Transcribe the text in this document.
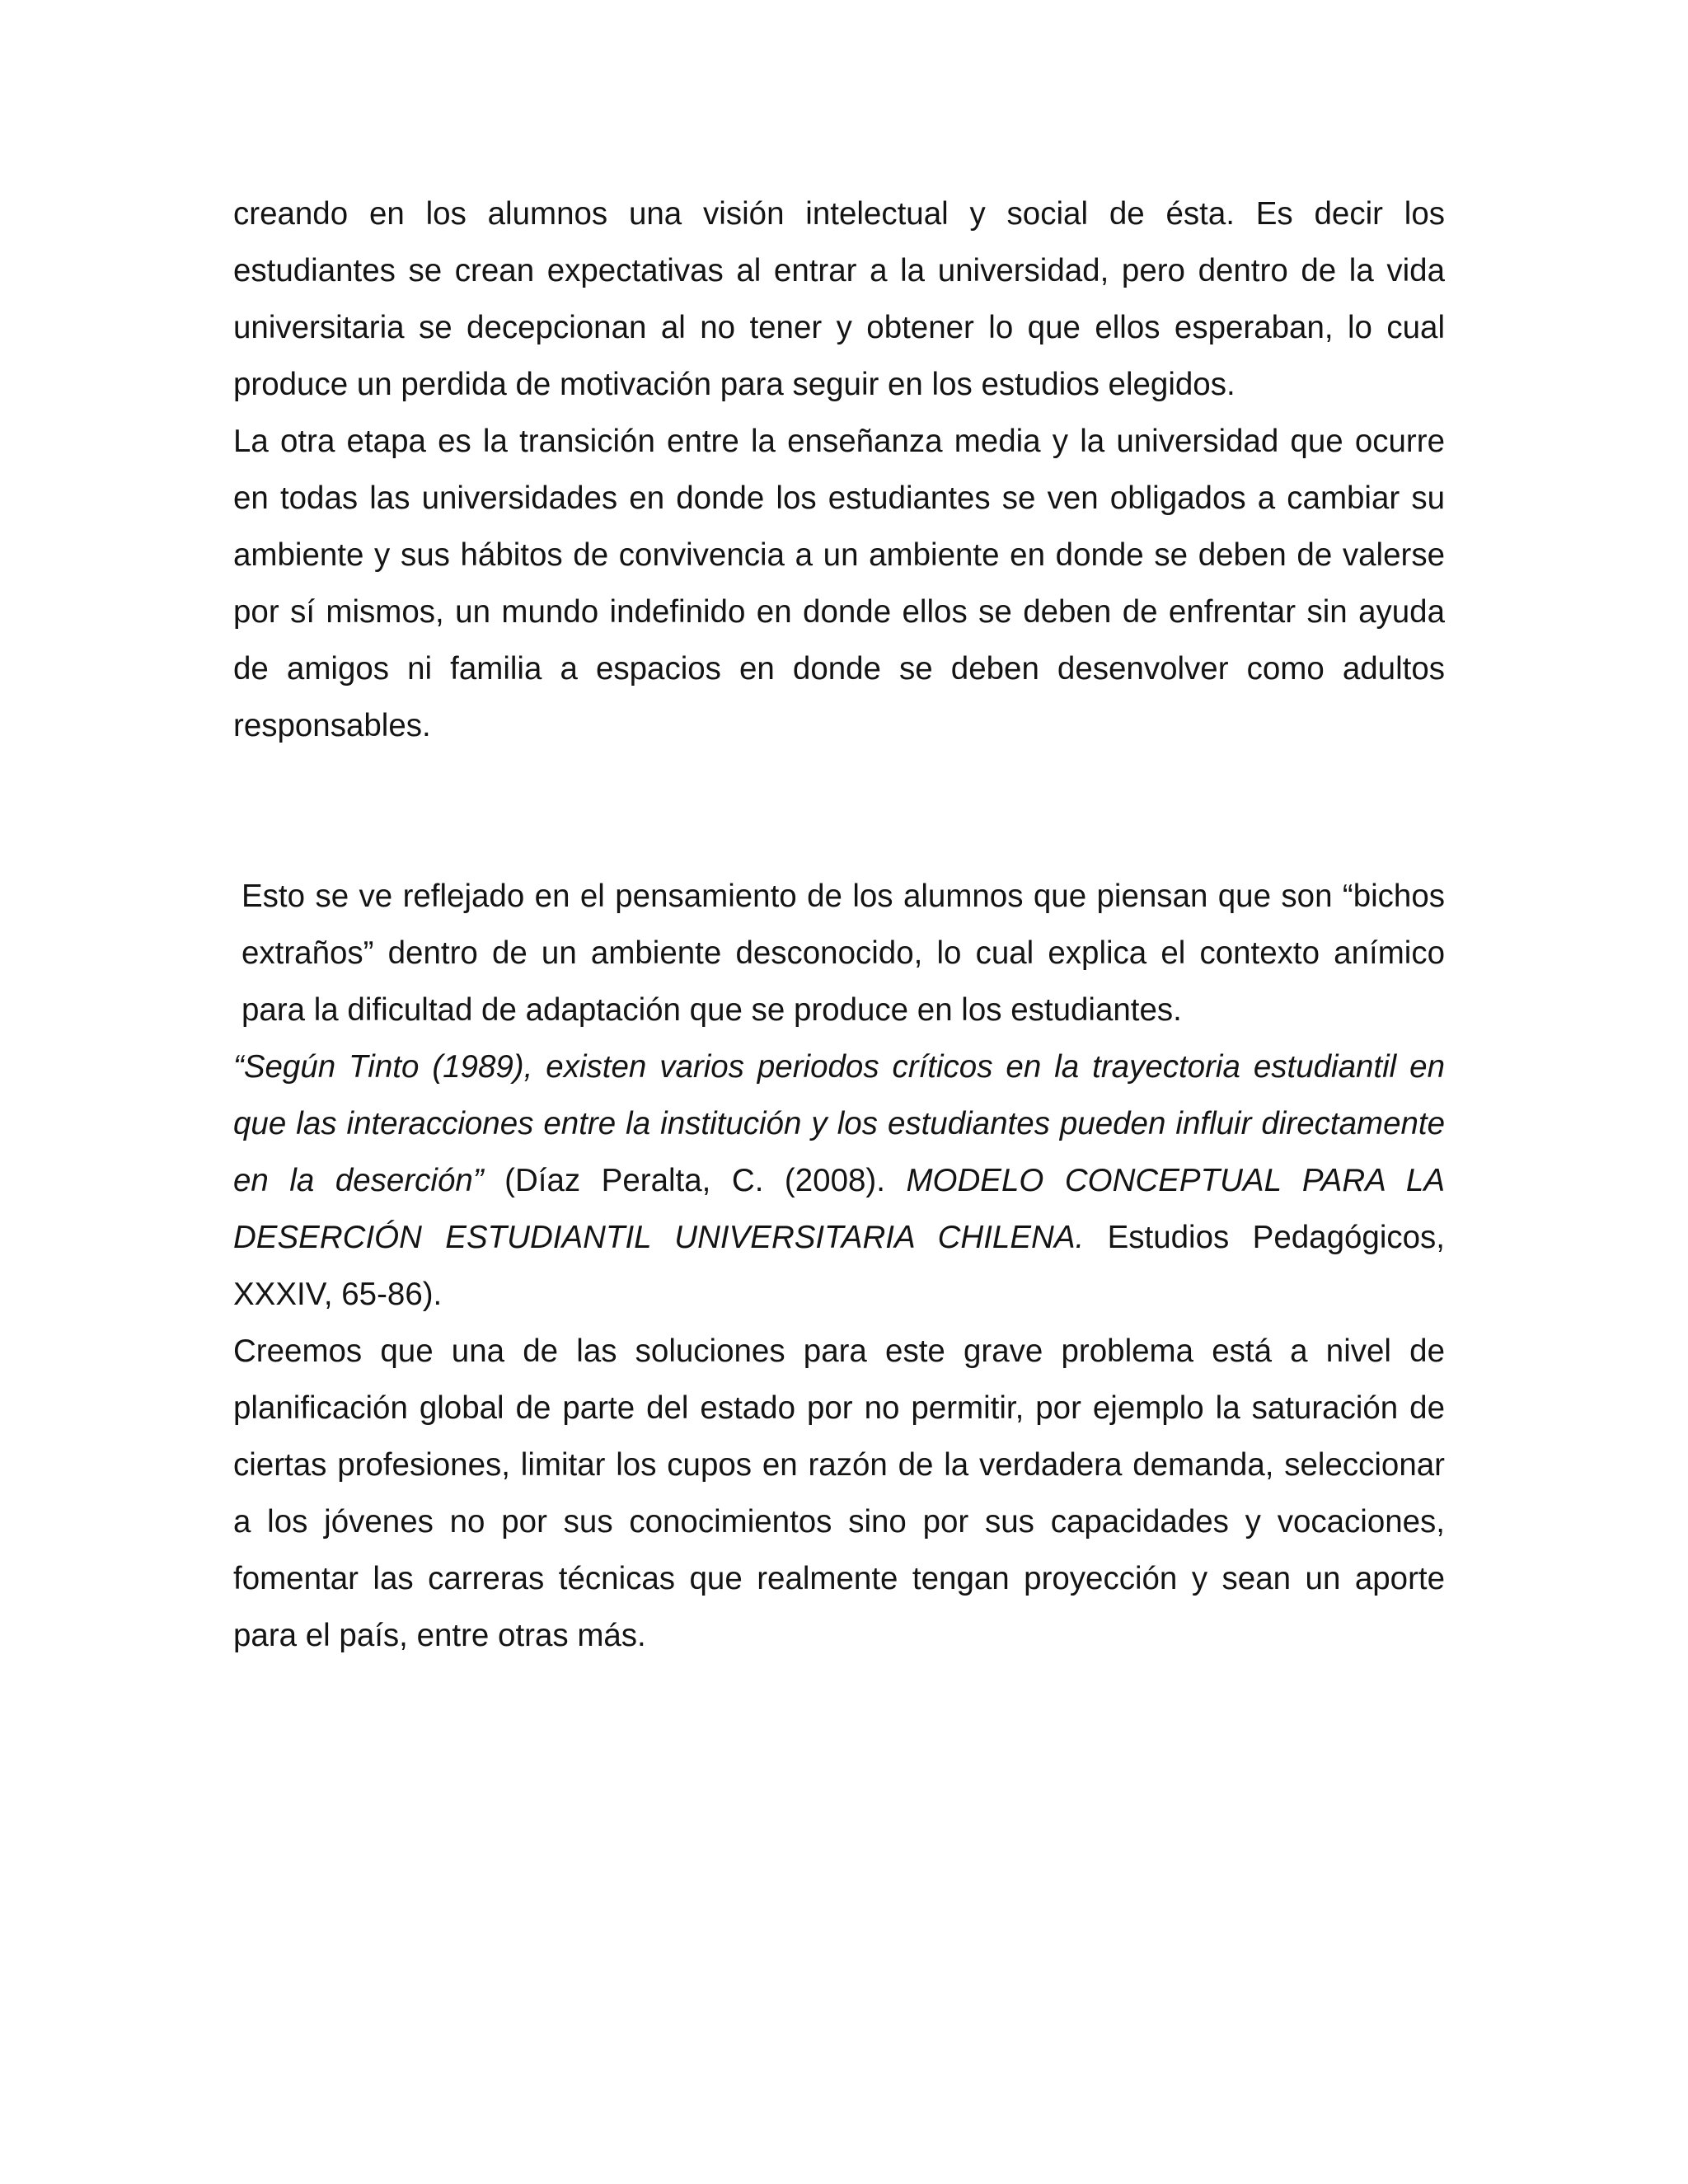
creando en los alumnos una visión intelectual y social de ésta. Es decir los estudiantes se crean expectativas al entrar a la universidad, pero dentro de la vida universitaria se decepcionan al no tener y obtener lo que ellos esperaban, lo cual produce un perdida de motivación para seguir en los estudios elegidos.

La otra etapa es la transición entre la enseñanza media y la universidad que ocurre en todas las universidades en donde los estudiantes se ven obligados a cambiar su ambiente y sus hábitos de convivencia a un ambiente en donde se deben de valerse por sí mismos, un mundo indefinido en donde ellos se deben de enfrentar sin ayuda de amigos ni familia a espacios en donde se deben desenvolver como adultos responsables.

Esto se ve reflejado en el pensamiento de los alumnos que piensan que son “bichos extraños” dentro de un ambiente desconocido, lo cual explica el contexto anímico para la dificultad de adaptación que se produce en los estudiantes.

“Según Tinto (1989), existen varios periodos críticos en la trayectoria estudiantil en que las interacciones entre la institución y los estudiantes pueden influir directamente en la deserción” (Díaz Peralta, C. (2008). MODELO CONCEPTUAL PARA LA DESERCIÓN ESTUDIANTIL UNIVERSITARIA CHILENA. Estudios Pedagógicos, XXXIV, 65-86).

Creemos que una de las soluciones para este grave problema está a nivel de planificación global de parte del estado por no permitir, por ejemplo la saturación de ciertas profesiones, limitar los cupos en razón de la verdadera demanda, seleccionar a los jóvenes no por sus conocimientos sino por sus capacidades y vocaciones, fomentar las carreras técnicas que realmente tengan proyección y sean un aporte para el país, entre otras más.
